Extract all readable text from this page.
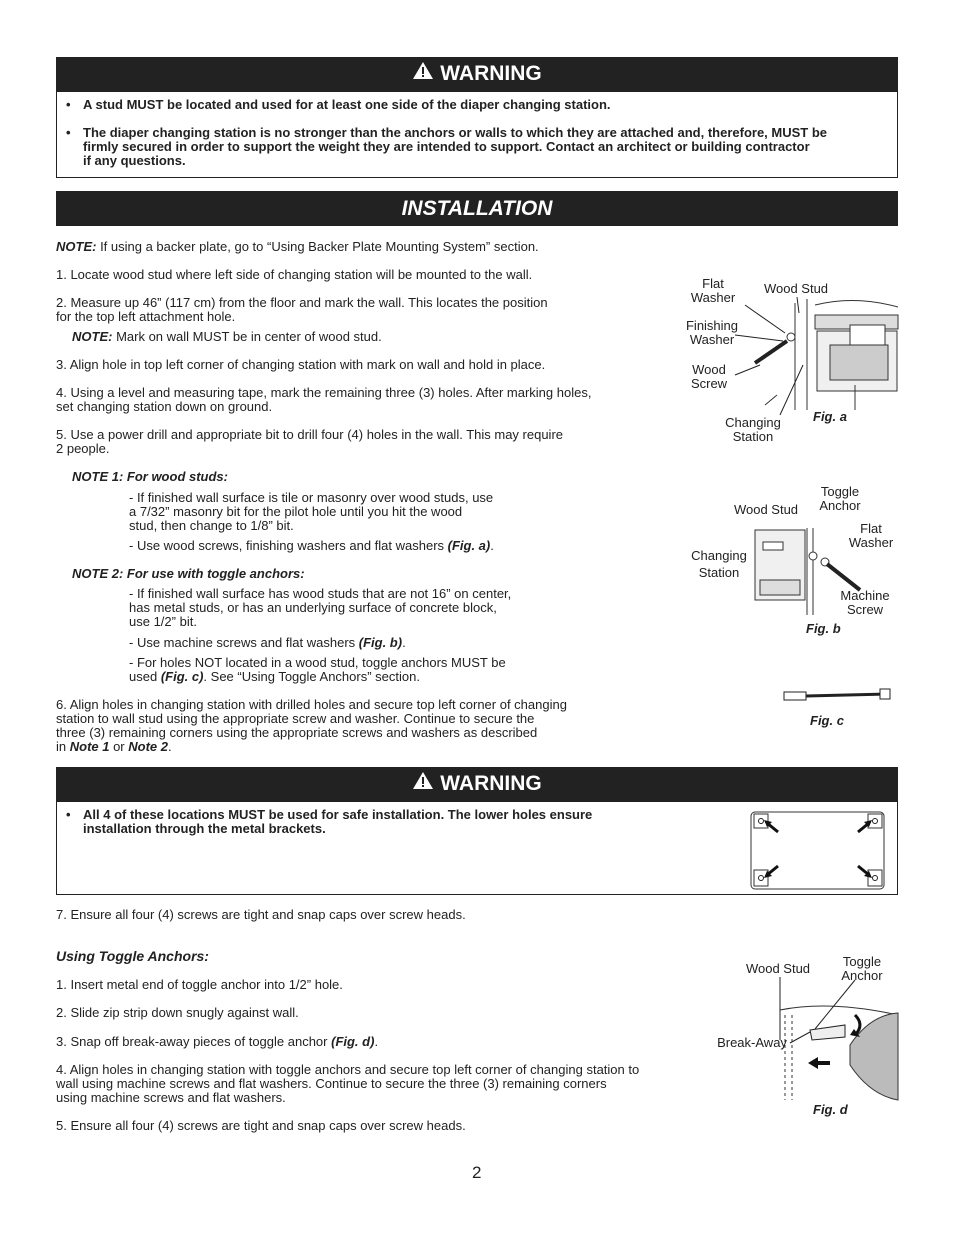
WARNING
• A stud MUST be located and used for at least one side of the diaper changing station.
• The diaper changing station is no stronger than the anchors or walls to which they are attached and, therefore, MUST be
firmly secured in order to support the weight they are intended to support. Contact an architect or building contractor
if any questions.
INSTALLATION
NOTE: If using a backer plate, go to “Using Backer Plate Mounting System” section.
1. Locate wood stud where left side of changing station will be mounted to the wall.
2. Measure up 46” (117 cm) from the floor and mark the wall. This locates the position
for the top left attachment hole.
NOTE: Mark on wall MUST be in center of wood stud.
3. Align hole in top left corner of changing station with mark on wall and hold in place.
4. Using a level and measuring tape, mark the remaining three (3) holes. After marking holes,
set changing station down on ground.
5. Use a power drill and appropriate bit to drill four (4) holes in the wall. This may require
2 people.
NOTE 1: For wood studs:
- If finished wall surface is tile or masonry over wood studs, use
a 7/32” masonry bit for the pilot hole until you hit the wood
stud, then change to 1/8” bit.
- Use wood screws, finishing washers and flat washers (Fig. a).
NOTE 2: For use with toggle anchors:
- If finished wall surface has wood studs that are not 16” on center,
has metal studs, or has an underlying surface of concrete block,
use 1/2” bit.
- Use machine screws and flat washers (Fig. b).
- For holes NOT located in a wood stud, toggle anchors MUST be
used (Fig. c). See “Using Toggle Anchors” section.
6. Align holes in changing station with drilled holes and secure top left corner of changing
station to wall stud using the appropriate screw and washer. Continue to secure the
three (3) remaining corners using the appropriate screws and washers as described
in Note 1 or Note 2.
Flat
Washer
Wood Stud
Finishing
Washer
Wood
Screw
Changing
Station
Fig. a
Toggle
Anchor
Wood Stud
Flat
Washer
Changing
Station
Machine
Screw
Fig. b
Fig. c
WARNING
• All 4 of these locations MUST be used for safe installation. The lower holes ensure
installation through the metal brackets.
7. Ensure all four (4) screws are tight and snap caps over screw heads.
Using Toggle Anchors:
1. Insert metal end of toggle anchor into 1/2” hole.
2. Slide zip strip down snugly against wall.
3. Snap off break-away pieces of toggle anchor (Fig. d).
4. Align holes in changing station with toggle anchors and secure top left corner of changing station to
wall using machine screws and flat washers. Continue to secure the three (3) remaining corners
using machine screws and flat washers.
5. Ensure all four (4) screws are tight and snap caps over screw heads.
Toggle
Anchor
Wood Stud
Break-Away
Fig. d
2
